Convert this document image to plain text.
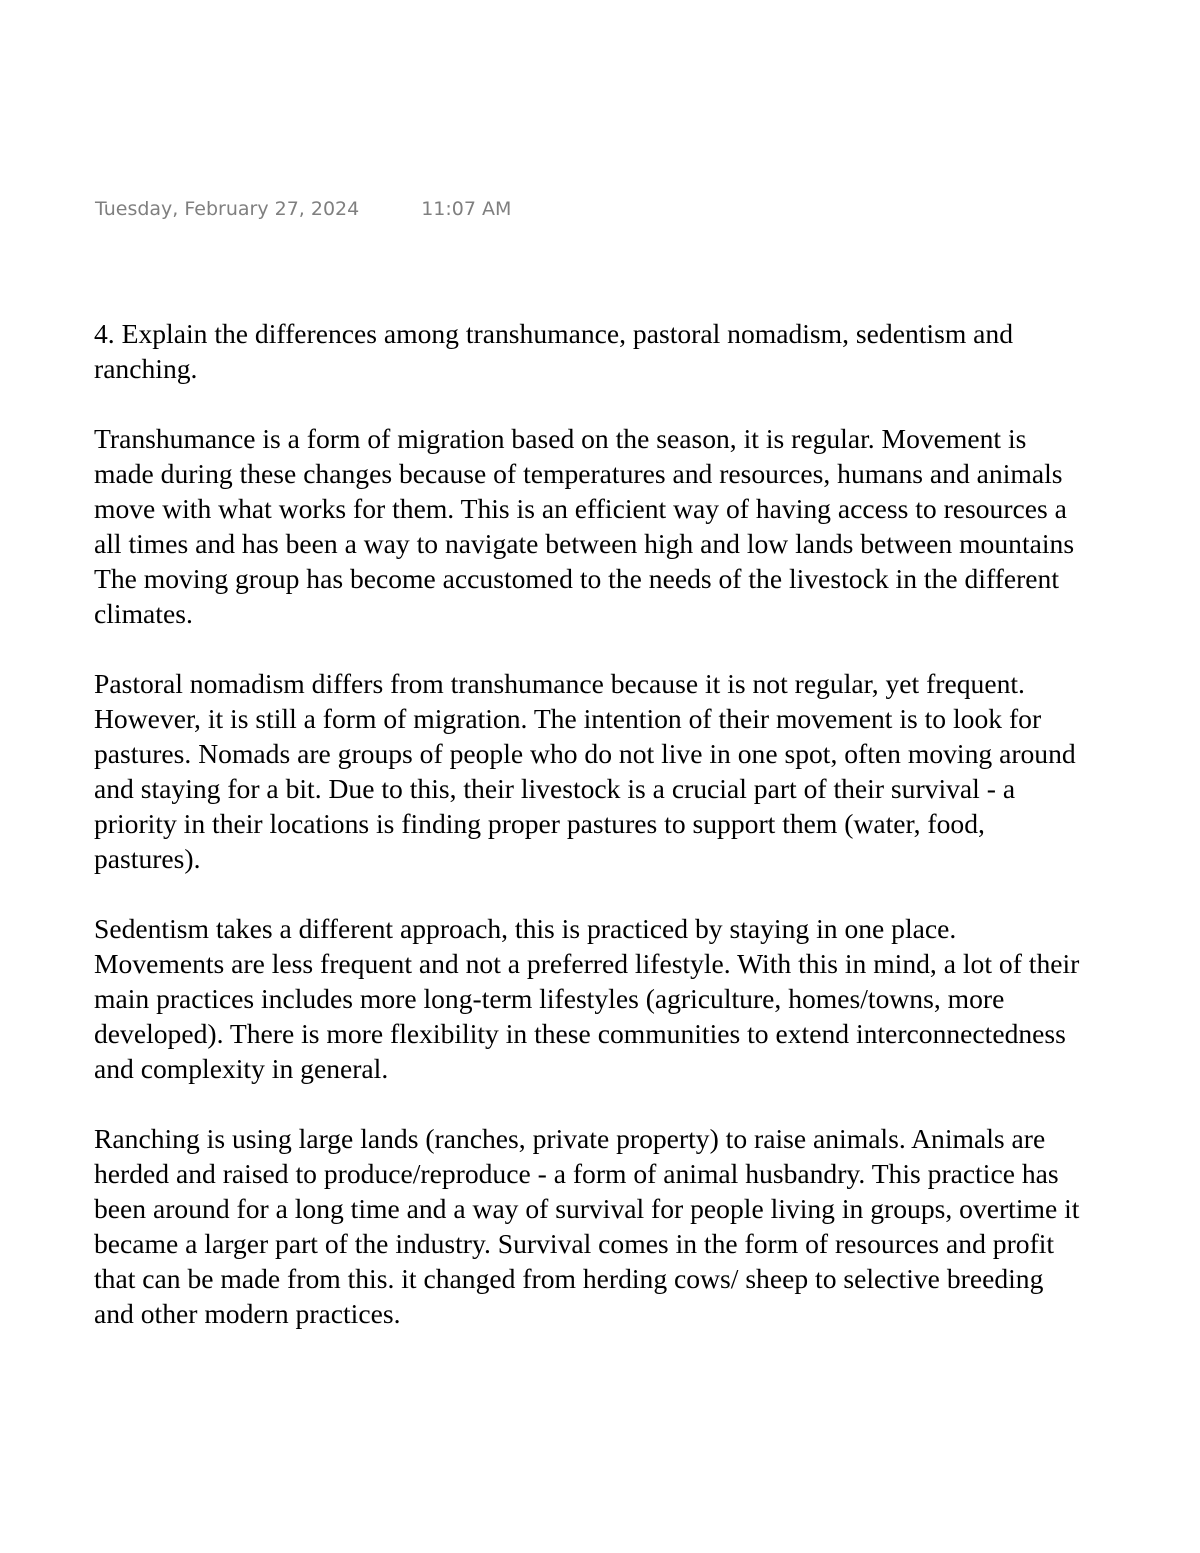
Tuesday, February 27, 2024	11:07 AM
4. Explain the differences among transhumance, pastoral nomadism, sedentism and
ranching.
Transhumance is a form of migration based on the season, it is regular. Movement is
made during these changes because of temperatures and resources, humans and animals
move with what works for them. This is an efficient way of having access to resources a
all times and has been a way to navigate between high and low lands between mountains
The moving group has become accustomed to the needs of the livestock in the different
climates.
Pastoral nomadism differs from transhumance because it is not regular, yet frequent.
However, it is still a form of migration. The intention of their movement is to look for
pastures. Nomads are groups of people who do not live in one spot, often moving around
and staying for a bit. Due to this, their livestock is a crucial part of their survival - a
priority in their locations is finding proper pastures to support them (water, food,
pastures).
Sedentism takes a different approach, this is practiced by staying in one place.
Movements are less frequent and not a preferred lifestyle. With this in mind, a lot of their
main practices includes more long-term lifestyles (agriculture, homes/towns, more
developed). There is more flexibility in these communities to extend interconnectedness
and complexity in general.
Ranching is using large lands (ranches, private property) to raise animals. Animals are
herded and raised to produce/reproduce - a form of animal husbandry. This practice has
been around for a long time and a way of survival for people living in groups, overtime it
became a larger part of the industry. Survival comes in the form of resources and profit
that can be made from this. it changed from herding cows/ sheep to selective breeding
and other modern practices.
